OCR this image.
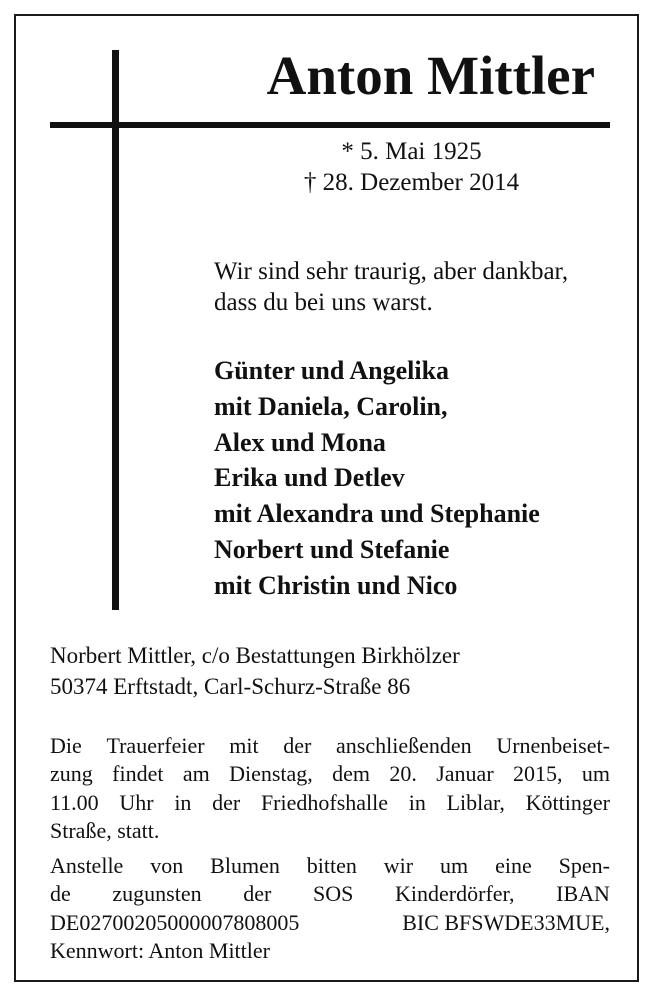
Anton Mittler
* 5. Mai 1925
† 28. Dezember 2014
Wir sind sehr traurig, aber dankbar,
dass du bei uns warst.
Günter und Angelika
mit Daniela, Carolin,
Alex und Mona
Erika und Detlev
mit Alexandra und Stephanie
Norbert und Stefanie
mit Christin und Nico
Norbert Mittler, c/o Bestattungen Birkhölzer
50374 Erftstadt, Carl-Schurz-Straße 86
Die Trauerfeier mit der anschließenden Urnenbeiset-
zung findet am Dienstag, dem 20. Januar 2015, um
11.00 Uhr in der Friedhofshalle in Liblar, Köttinger
Straße, statt.
Anstelle von Blumen bitten wir um eine Spen-
de zugunsten der SOS Kinderdörfer, IBAN
DE02700205000007808005	BIC BFSWDE33MUE,
Kennwort: Anton Mittler
